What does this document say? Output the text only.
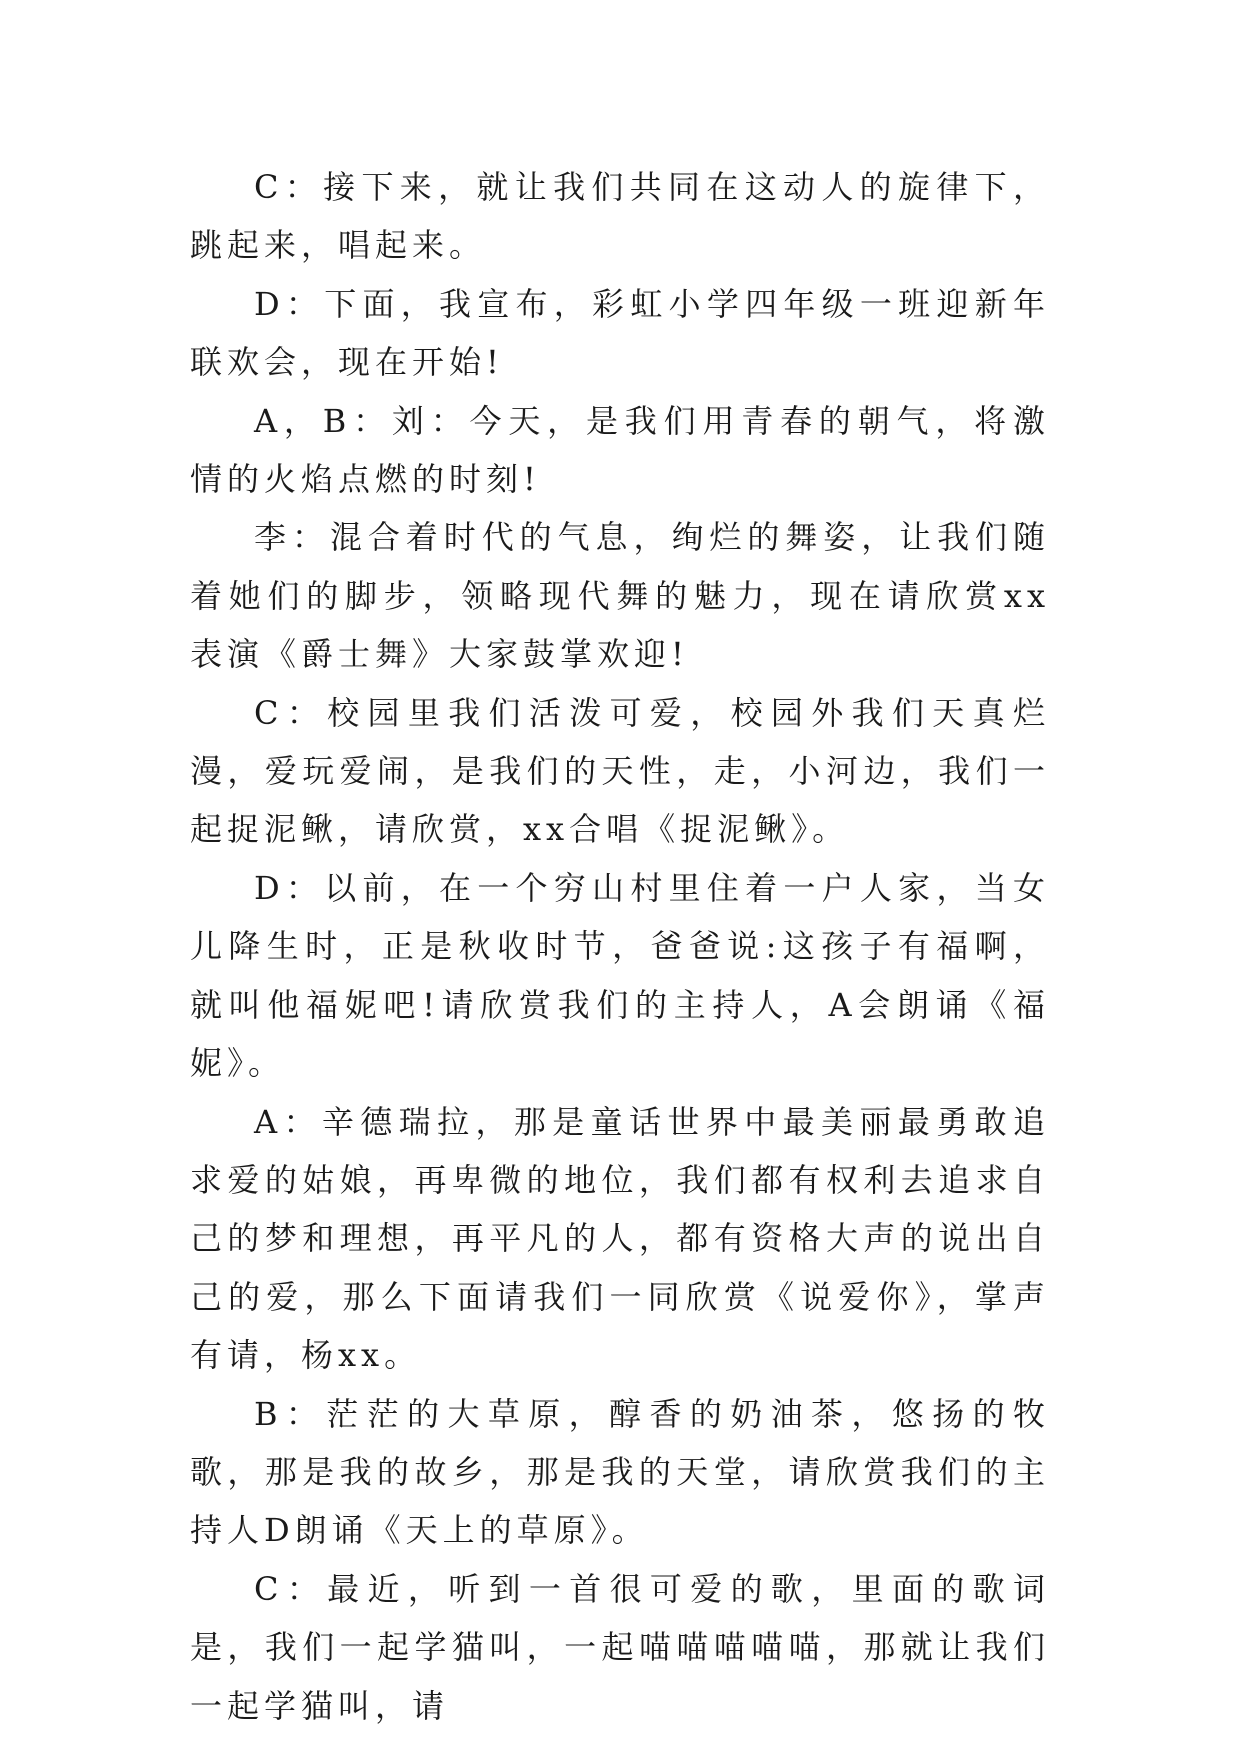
C：接下来，就让我们共同在这动人的旋律下，跳起来，唱起来。

D：下面，我宣布，彩虹小学四年级一班迎新年联欢会，现在开始!

A，B：刘：今天，是我们用青春的朝气，将激情的火焰点燃的时刻!

李：混合着时代的气息，绚烂的舞姿，让我们随着她们的脚步，领略现代舞的魅力，现在请欣赏xx表演《爵士舞》大家鼓掌欢迎!

C：校园里我们活泼可爱，校园外我们天真烂漫，爱玩爱闹，是我们的天性，走，小河边，我们一起捉泥鳅，请欣赏，xx合唱《捉泥鳅》。

D：以前，在一个穷山村里住着一户人家，当女儿降生时，正是秋收时节，爸爸说:这孩子有福啊，就叫他福妮吧!请欣赏我们的主持人，A会朗诵《福妮》。

A：辛德瑞拉，那是童话世界中最美丽最勇敢追求爱的姑娘，再卑微的地位，我们都有权利去追求自己的梦和理想，再平凡的人，都有资格大声的说出自己的爱，那么下面请我们一同欣赏《说爱你》，掌声有请，杨xx。

B：茫茫的大草原，醇香的奶油茶，悠扬的牧歌，那是我的故乡，那是我的天堂，请欣赏我们的主持人D朗诵《天上的草原》。

C：最近，听到一首很可爱的歌，里面的歌词是，我们一起学猫叫，一起喵喵喵喵喵，那就让我们一起学猫叫，请
